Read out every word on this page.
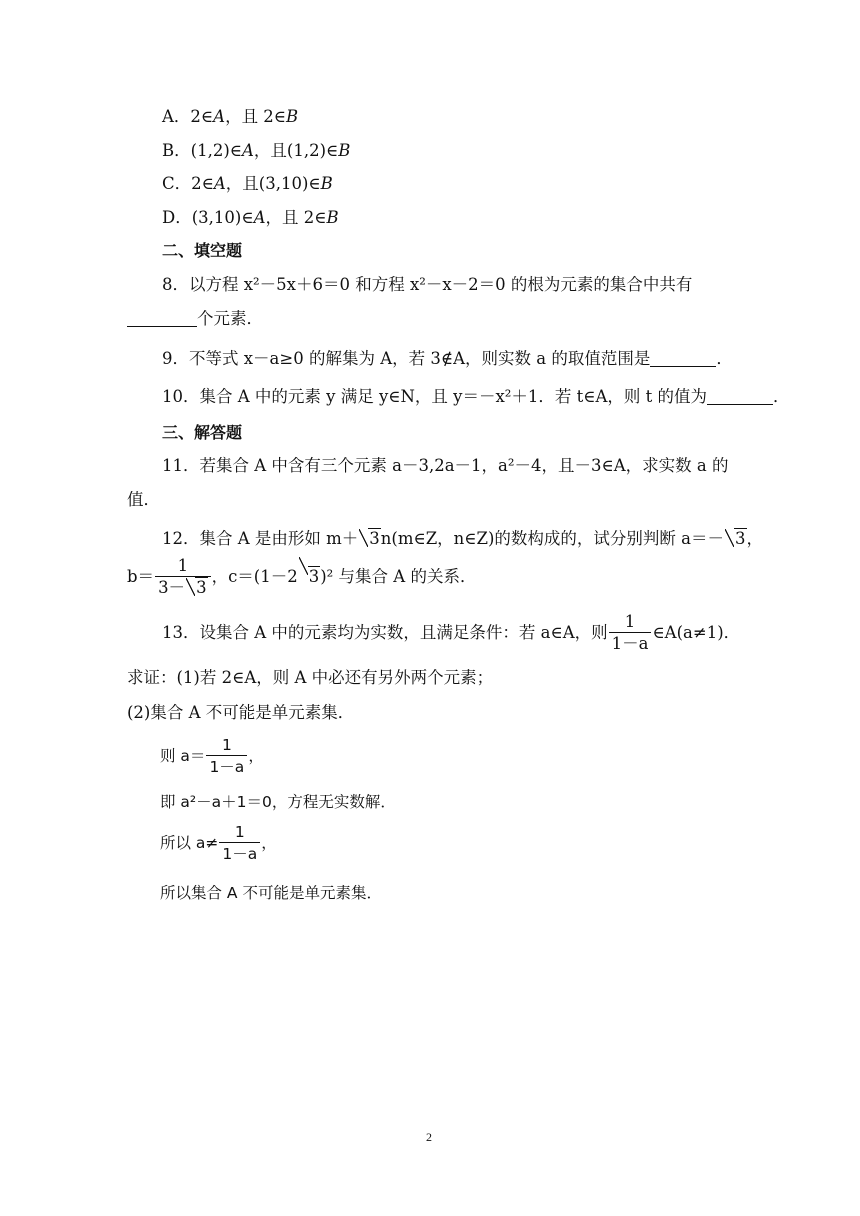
A．2∈A，且 2∈B
B．(1,2)∈A，且(1,2)∈B
C．2∈A，且(3,10)∈B
D．(3,10)∈A，且 2∈B
二、填空题
8．以方程 x²－5x＋6＝0 和方程 x²－x－2＝0 的根为元素的集合中共有
个元素．
9．不等式 x－a≥0 的解集为 A，若 3∉A，则实数 a 的取值范围是	．
10．集合 A 中的元素 y 满足 y∈N，且 y＝－x²＋1．若 t∈A，则 t 的值为	．
三、解答题
11．若集合 A 中含有三个元素 a－3,2a－1，a²－4，且－3∈A，求实数 a 的
值．
12．集合 A 是由形如 m＋ 3n(m∈Z，n∈Z)的数构成的，试分别判断 a＝－ 3，
$b= \frac{1}{3- 3}$ ，c＝(1－2 3)² 与集合 A 的关系．
13．设集合 A 中的元素均为实数，且满足条件：若 a∈A，则 $\frac{1}{1-a}$ ∈A(a≠1)．
求证：(1)若 2∈A，则 A 中必还有另外两个元素；
(2)集合 A 不可能是单元素集．
则 $a= \frac{1}{1-a}$ ，
即 a²－a＋1＝0，方程无实数解．
所以 $a\ne \frac{1}{1-a}$ ，
所以集合 A 不可能是单元素集．
2
